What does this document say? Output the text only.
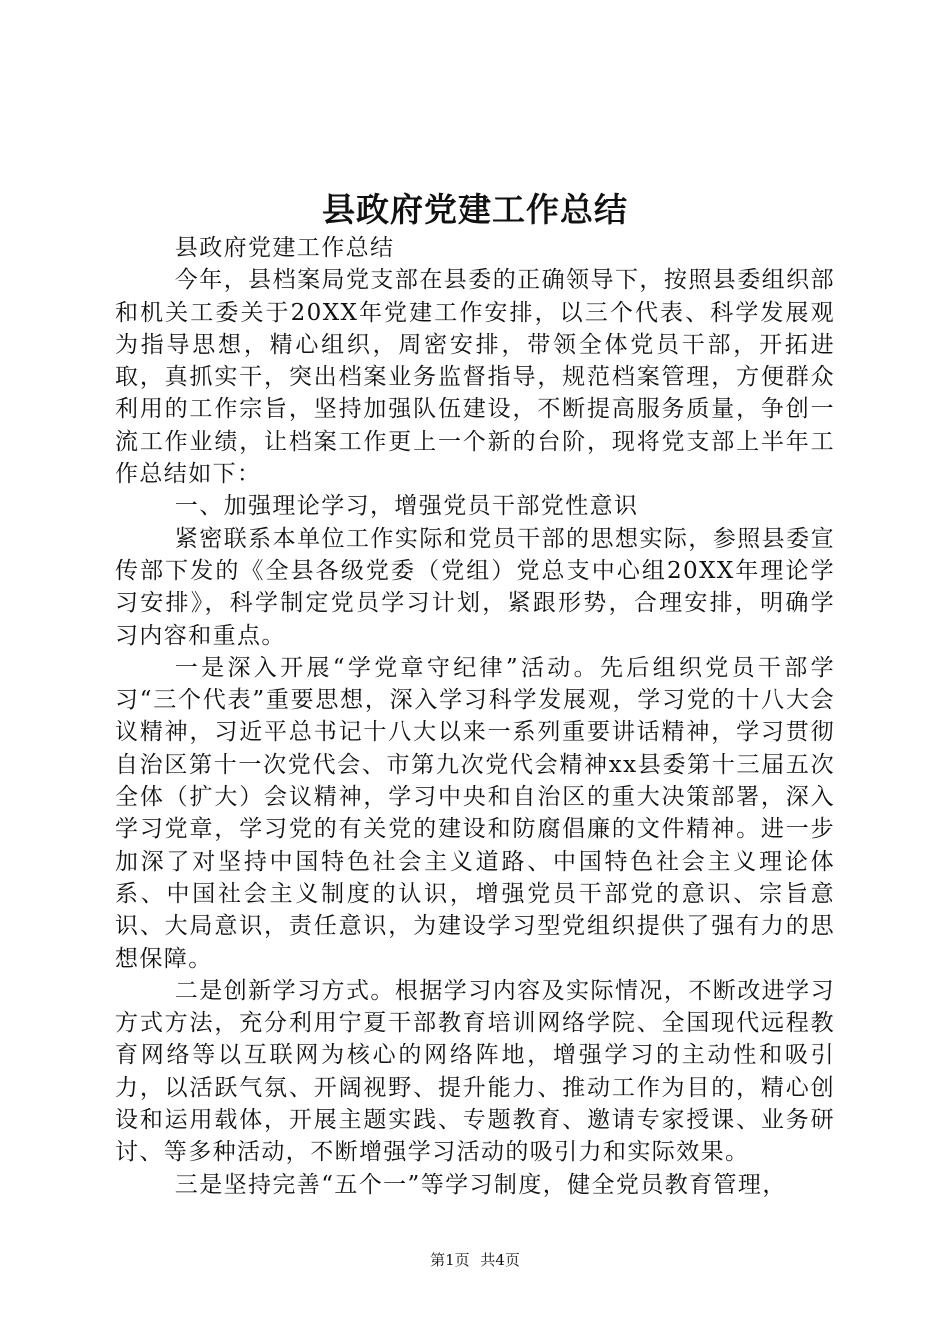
县政府党建工作总结

县政府党建工作总结

今年，县档案局党支部在县委的正确领导下，按照县委组织部和机关工委关于20XX年党建工作安排，以三个代表、科学发展观为指导思想，精心组织，周密安排，带领全体党员干部，开拓进取，真抓实干，突出档案业务监督指导，规范档案管理，方便群众利用的工作宗旨，坚持加强队伍建设，不断提高服务质量，争创一流工作业绩，让档案工作更上一个新的台阶，现将党支部上半年工作总结如下：

一、加强理论学习，增强党员干部党性意识

紧密联系本单位工作实际和党员干部的思想实际，参照县委宣传部下发的《全县各级党委（党组）党总支中心组20XX年理论学习安排》，科学制定党员学习计划，紧跟形势，合理安排，明确学习内容和重点。

一是深入开展“学党章守纪律”活动。先后组织党员干部学习“三个代表”重要思想，深入学习科学发展观，学习党的十八大会议精神，习近平总书记十八大以来一系列重要讲话精神，学习贯彻自治区第十一次党代会、市第九次党代会精神xx县委第十三届五次全体（扩大）会议精神，学习中央和自治区的重大决策部署，深入学习党章，学习党的有关党的建设和防腐倡廉的文件精神。进一步加深了对坚持中国特色社会主义道路、中国特色社会主义理论体系、中国社会主义制度的认识，增强党员干部党的意识、宗旨意识、大局意识，责任意识，为建设学习型党组织提供了强有力的思想保障。

二是创新学习方式。根据学习内容及实际情况，不断改进学习方式方法，充分利用宁夏干部教育培训网络学院、全国现代远程教育网络等以互联网为核心的网络阵地，增强学习的主动性和吸引力，以活跃气氛、开阔视野、提升能力、推动工作为目的，精心创设和运用载体，开展主题实践、专题教育、邀请专家授课、业务研讨、等多种活动，不断增强学习活动的吸引力和实际效果。

三是坚持完善“五个一”等学习制度，健全党员教育管理，

第1页 共4页
